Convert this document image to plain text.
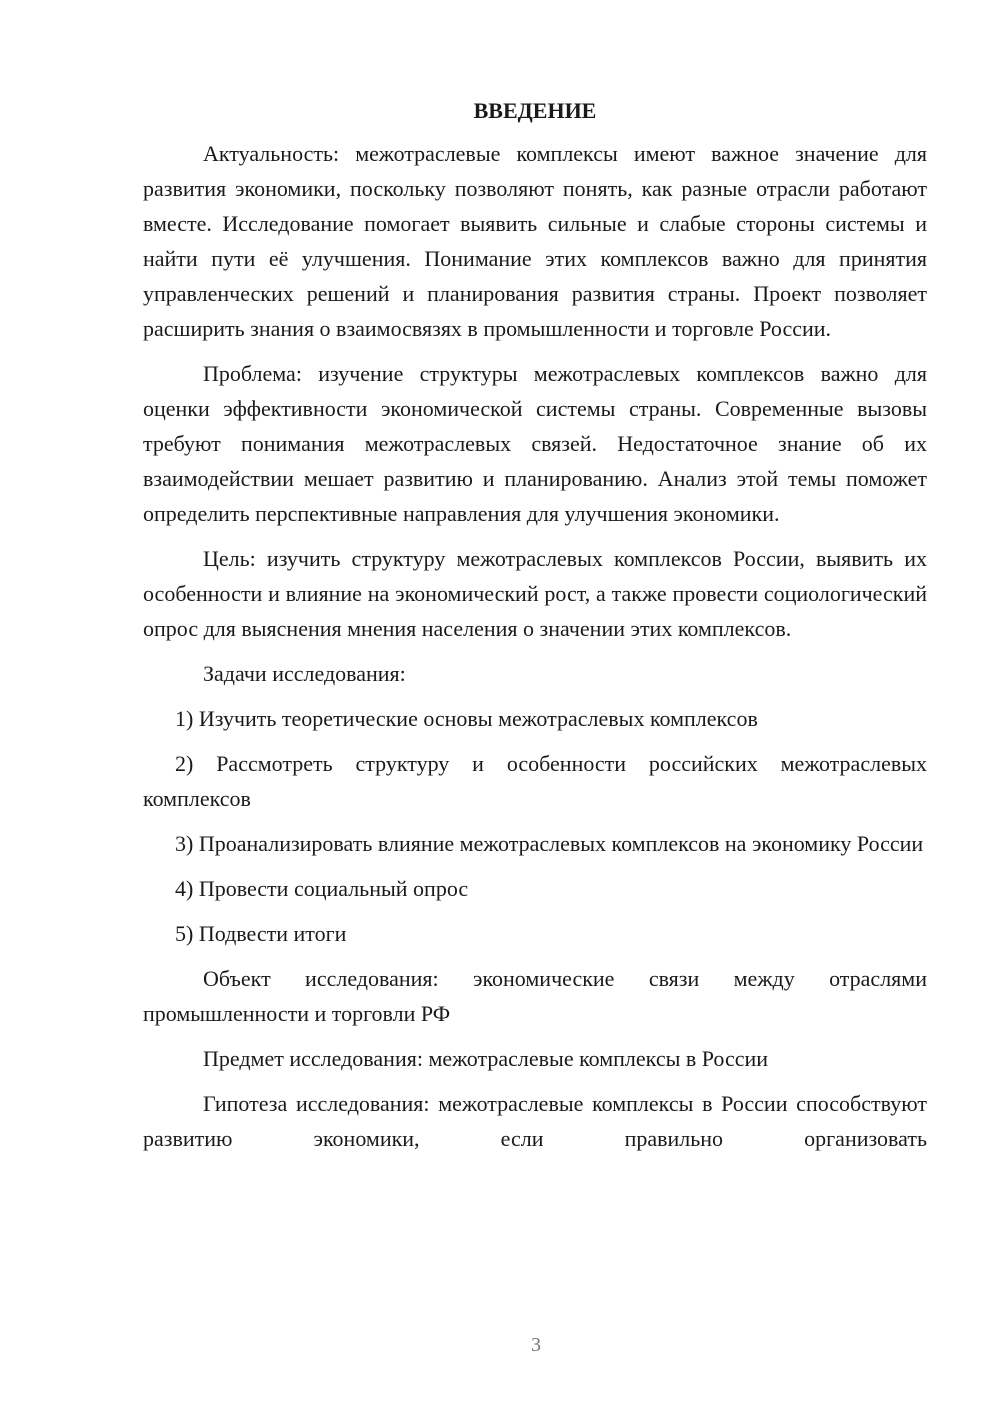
ВВЕДЕНИЕ

Актуальность: межотраслевые комплексы имеют важное значение для развития экономики, поскольку позволяют понять, как разные отрасли работают вместе. Исследование помогает выявить сильные и слабые стороны системы и найти пути её улучшения. Понимание этих комплексов важно для принятия управленческих решений и планирования развития страны. Проект позволяет расширить знания о взаимосвязях в промышленности и торговле России.

Проблема: изучение структуры межотраслевых комплексов важно для оценки эффективности экономической системы страны. Современные вызовы требуют понимания межотраслевых связей. Недостаточное знание об их взаимодействии мешает развитию и планированию. Анализ этой темы поможет определить перспективные направления для улучшения экономики.

Цель: изучить структуру межотраслевых комплексов России, выявить их особенности и влияние на экономический рост, а также провести социологический опрос для выяснения мнения населения о значении этих комплексов.

Задачи исследования:

1) Изучить теоретические основы межотраслевых комплексов

2) Рассмотреть структуру и особенности российских межотраслевых комплексов

3) Проанализировать влияние межотраслевых комплексов на экономику России

4) Провести социальный опрос

5) Подвести итоги

Объект исследования: экономические связи между отраслями промышленности и торговли РФ

Предмет исследования: межотраслевые комплексы в России

Гипотеза исследования: межотраслевые комплексы в России способствуют развитию экономики, если правильно организовать

3
